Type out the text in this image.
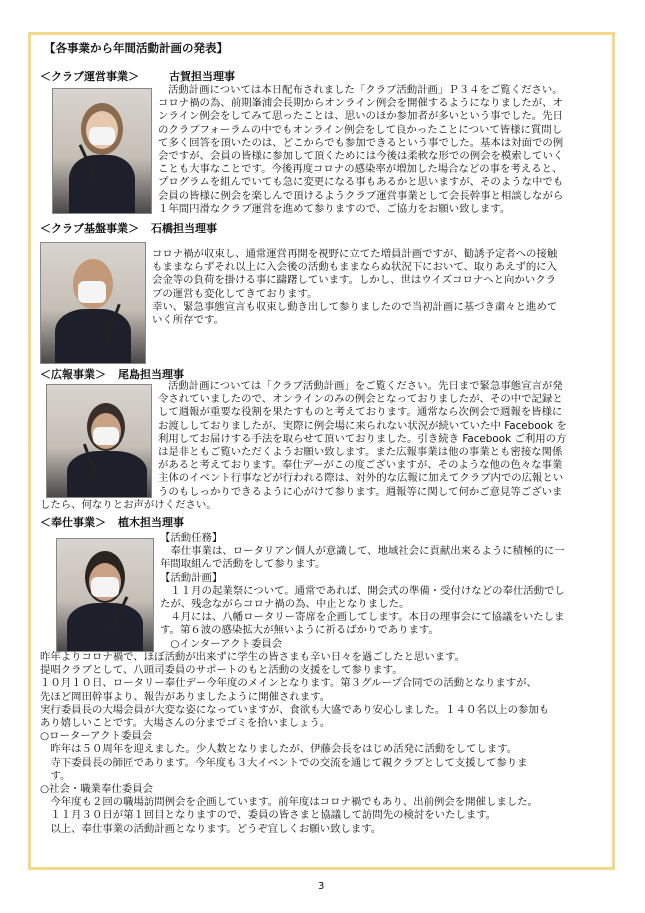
【各事業から年間活動計画の発表】
＜クラブ運営事業＞	古賀担当理事
活動計画については本日配布されました「クラブ活動計画」Ｐ３４をご覧ください。
コロナ禍の為、前期峯浦会長期からオンライン例会を開催するようになりましたが、オ
ンライン例会をしてみて思ったことは、思いのほか参加者が多いという事でした。先日
のクラブフォーラムの中でもオンライン例会をして良かったことについて皆様に質問し
て多く回答を頂いたのは、どこからでも参加できるという事でした。基本は対面での例
会ですが、会員の皆様に参加して頂くためには今後は柔軟な形での例会を模索していく
ことも大事なことです。今後再度コロナの感染率が増加した場合などの事を考えると、
プログラムを組んでいても急に変更になる事もあるかと思いますが、そのような中でも
会員の皆様に例会を楽しんで頂けるようクラブ運営事業として会長幹事と相談しながら
１年間円滑なクラブ運営を進めて参りますので、ご協力をお願い致します。
＜クラブ基盤事業＞ 石橋担当理事
コロナ禍が収束し、通常運営再開を視野に立てた増員計画ですが、勧誘予定者への接触
もままならずそれ以上に入会後の活動もままならぬ状況下において、取りあえず的に入
会金等の負荷を掛ける事に躊躇しています。しかし、世はウイズコロナへと向かいクラ
ブの運営も変化してきております。
幸い、緊急事態宣言も収束し動き出して参りましたので当初計画に基づき粛々と進めて
いく所存です。
＜広報事業＞ 尾島担当理事
活動計画については「クラブ活動計画」をご覧ください。先日まで緊急事態宣言が発
令されていましたので、オンラインのみの例会となっておりましたが、その中で記録と
して週報が重要な役割を果たすものと考えております。通常なら次例会で週報を皆様に
お渡ししておりましたが、実際に例会場に来られない状況が続いていた中 Facebook を
利用してお届けする手法を取らせて頂いておりました。引き続き Facebook ご利用の方
は是非ともご覧いただくようお願い致します。また広報事業は他の事業とも密接な関係
があると考えております。奉仕デーがこの度ございますが、そのような他の色々な事業
主体のイベント行事などが行われる際は、対外的な広報に加えてクラブ内での広報とい
うのもしっかりできるように心がけて参ります。週報等に関して何かご意見等ございま
したら、何なりとお声がけください。
＜奉仕事業＞ 植木担当理事
【活動任務】
　奉仕事業は、ロータリアン個人が意識して、地域社会に貢献出来るように積極的に一
年間取組んで活動をして参ります。
【活動計画】
　１１月の起業祭について。通常であれば、開会式の準備・受付けなどの奉仕活動でし
たが、残念ながらコロナ禍の為、中止となりました。
　４月には、八幡ロータリー寄席を企画してします。本日の理事会にて協議をいたしま
す。第６波の感染拡大が無いように祈るばかりであります。
　○インターアクト委員会
昨年よりコロナ禍で、ほぼ活動が出来ずに学生の皆さまも辛い日々を過ごしたと思います。
提唱クラブとして、八頭司委員のサポートのもと活動の支援をして参ります。
１０月１０日、ロータリー奉仕デー今年度のメインとなります。第３グループ合同での活動となりますが、
先ほど岡田幹事より、報告がありましたように開催されます。
実行委員長の大場会員が大変な姿になっていますが、食欲も大盛であり安心しました。１４０名以上の参加も
あり嬉しいことです。大場さんの分までゴミを拾いましょう。
○ローターアクト委員会
　昨年は５０周年を迎えました。少人数となりましたが、伊藤会長をはじめ活発に活動をしてします。
　寺下委員長の師匠であります。今年度も３大イベントでの交流を通じて親クラブとして支援して参りま
　す。
○社会・職業奉仕委員会
　今年度も２回の職場訪問例会を企画しています。前年度はコロナ禍でもあり、出前例会を開催しました。
　１１月３０日が第１回目となりますので、委員の皆さまと協議して訪問先の検討をいたします。
　以上、奉仕事業の活動計画となります。どうぞ宜しくお願い致します。
3
